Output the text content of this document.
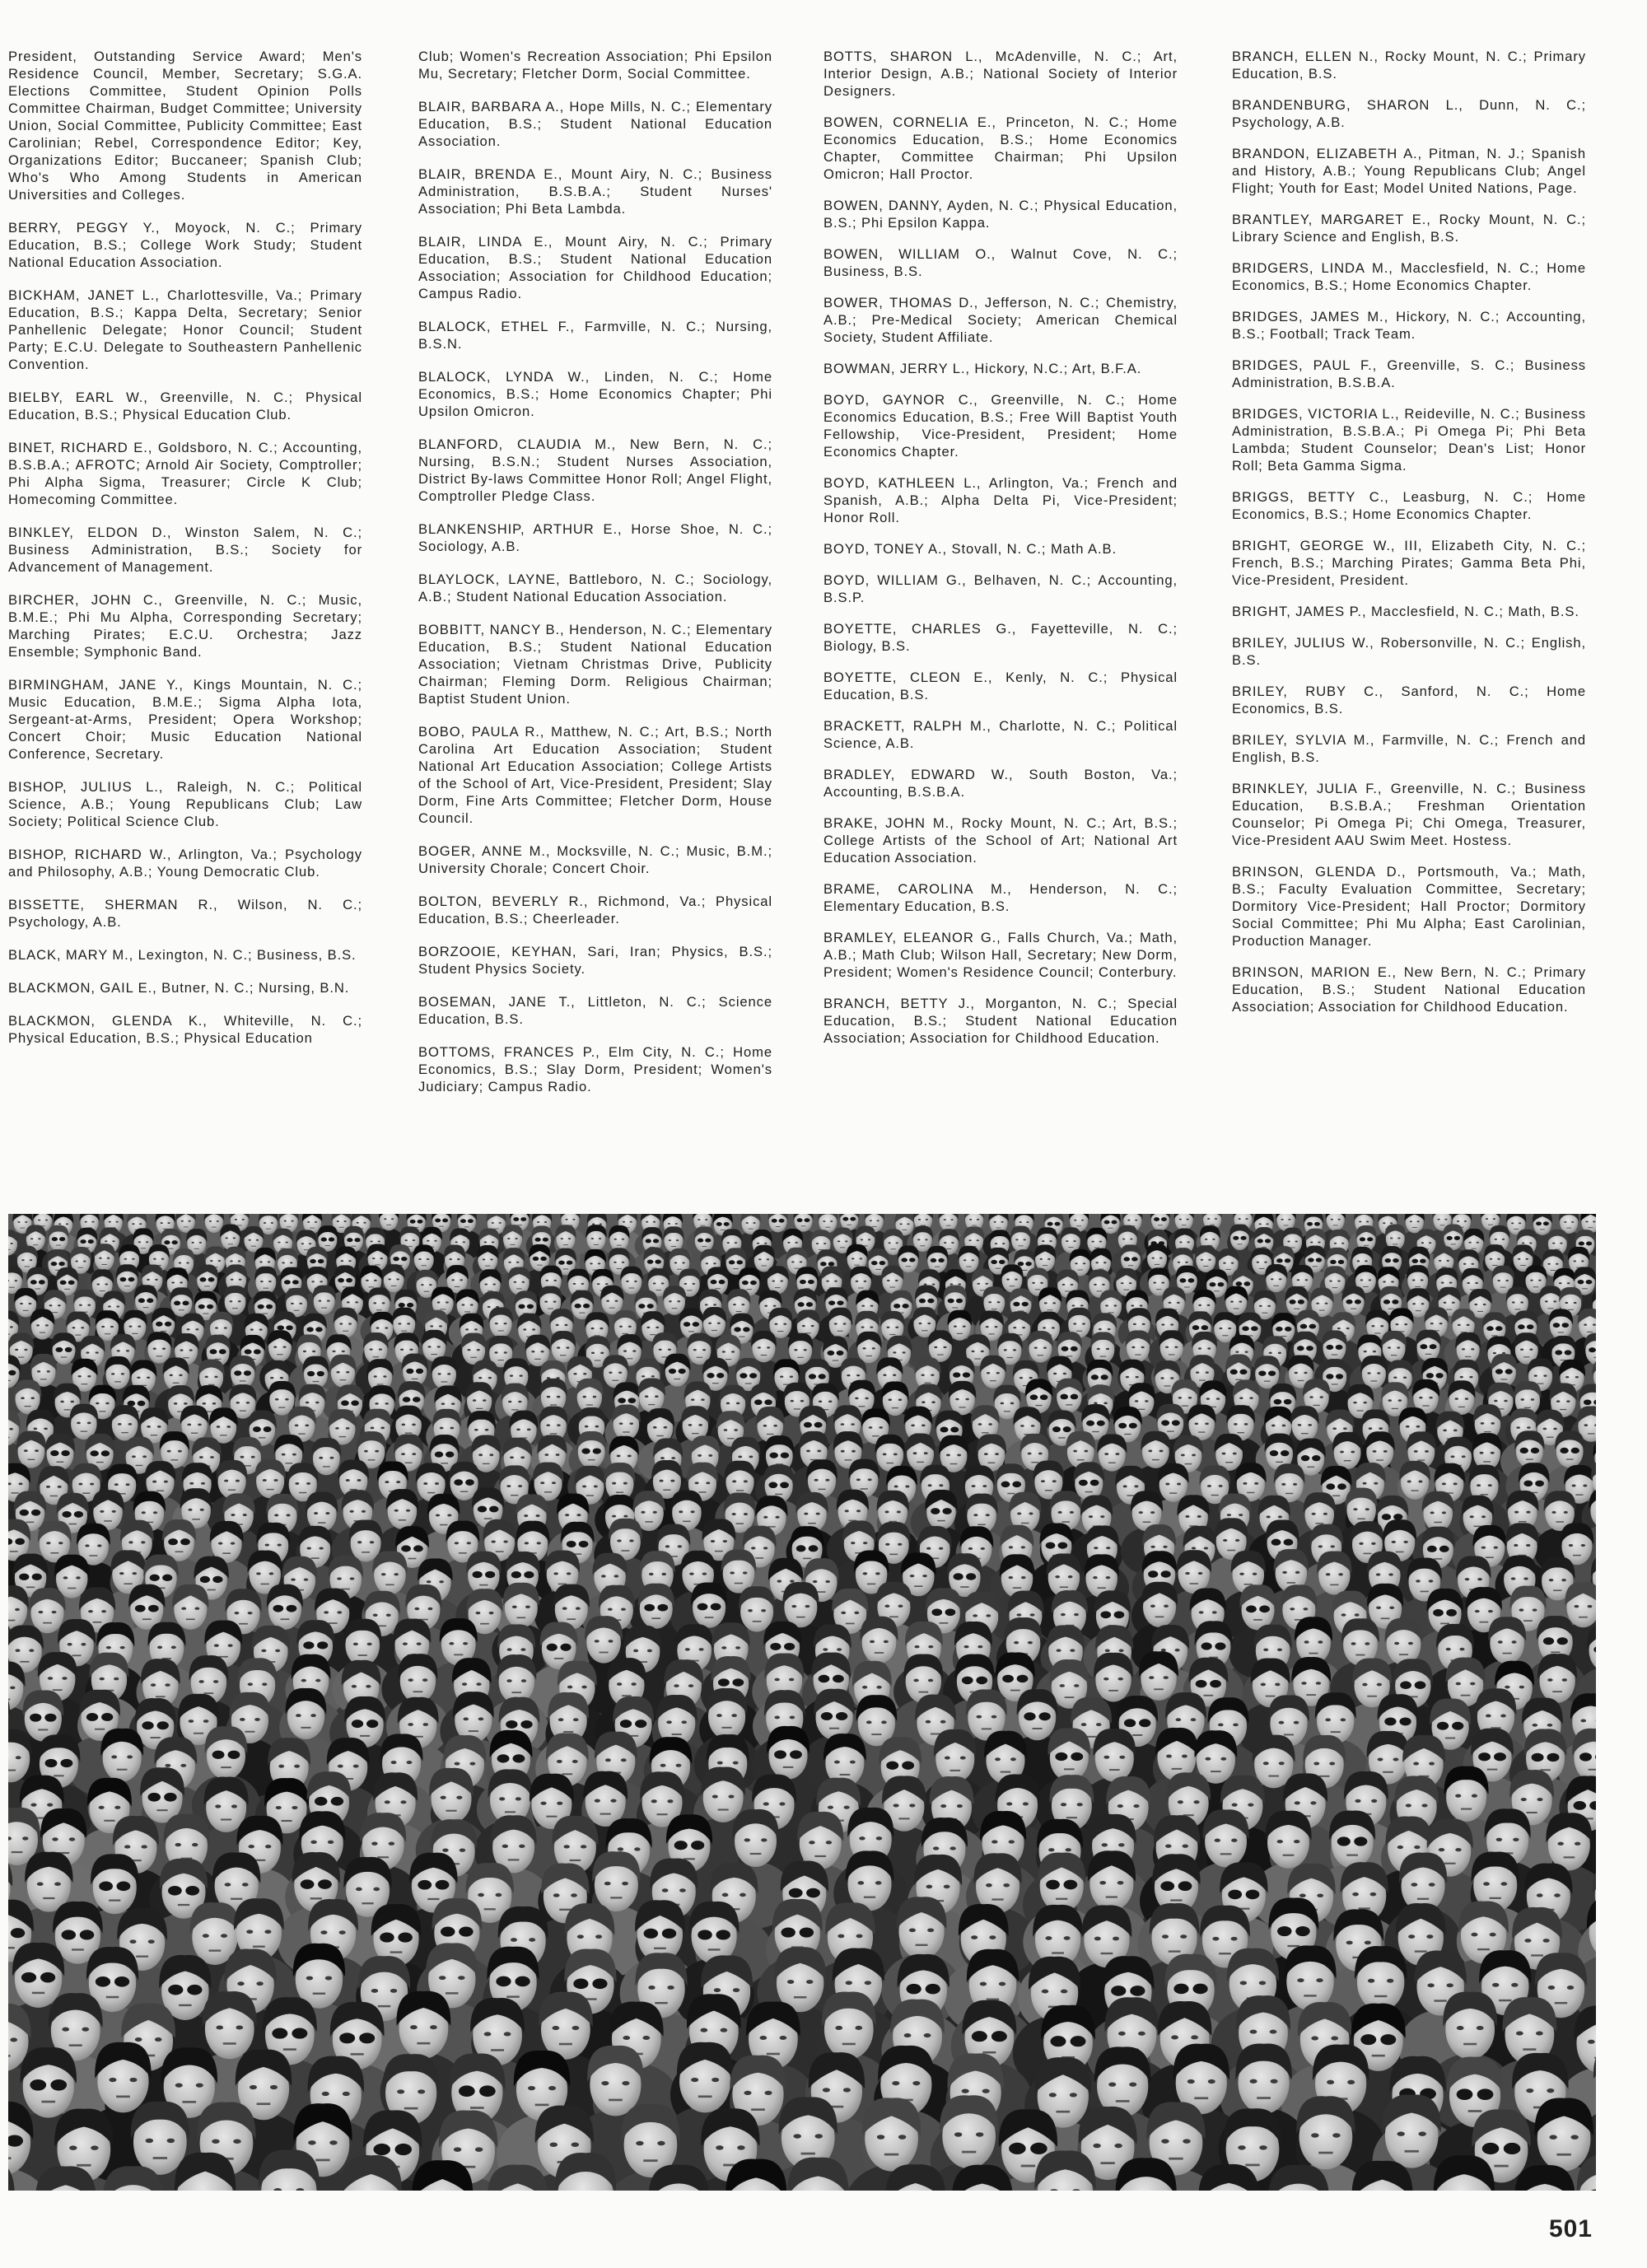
President, Outstanding Service Award; Men's Residence Council, Member, Secretary; S.G.A. Elections Committee, Student Opinion Polls Committee Chairman, Budget Committee; University Union, Social Committee, Publicity Committee; East Carolinian; Rebel, Correspondence Editor; Key, Organizations Editor; Buccaneer; Spanish Club; Who's Who Among Students in American Universities and Colleges.

BERRY, PEGGY Y., Moyock, N. C.; Primary Education, B.S.; College Work Study; Student National Education Association.

BICKHAM, JANET L., Charlottesville, Va.; Primary Education, B.S.; Kappa Delta, Secretary; Senior Panhellenic Delegate; Honor Council; Student Party; E.C.U. Delegate to Southeastern Panhellenic Convention.

BIELBY, EARL W., Greenville, N. C.; Physical Education, B.S.; Physical Education Club.

BINET, RICHARD E., Goldsboro, N. C.; Accounting, B.S.B.A.; AFROTC; Arnold Air Society, Comptroller; Phi Alpha Sigma, Treasurer; Circle K Club; Homecoming Committee.

BINKLEY, ELDON D., Winston Salem, N. C.; Business Administration, B.S.; Society for Advancement of Management.

BIRCHER, JOHN C., Greenville, N. C.; Music, B.M.E.; Phi Mu Alpha, Corresponding Secretary; Marching Pirates; E.C.U. Orchestra; Jazz Ensemble; Symphonic Band.

BIRMINGHAM, JANE Y., Kings Mountain, N. C.; Music Education, B.M.E.; Sigma Alpha Iota, Sergeant-at-Arms, President; Opera Workshop; Concert Choir; Music Education National Conference, Secretary.

BISHOP, JULIUS L., Raleigh, N. C.; Political Science, A.B.; Young Republicans Club; Law Society; Political Science Club.

BISHOP, RICHARD W., Arlington, Va.; Psychology and Philosophy, A.B.; Young Democratic Club.

BISSETTE, SHERMAN R., Wilson, N. C.; Psychology, A.B.

BLACK, MARY M., Lexington, N. C.; Business, B.S.

BLACKMON, GAIL E., Butner, N. C.; Nursing, B.N.

BLACKMON, GLENDA K., Whiteville, N. C.; Physical Education, B.S.; Physical Education

Club; Women's Recreation Association; Phi Epsilon Mu, Secretary; Fletcher Dorm, Social Committee.

BLAIR, BARBARA A., Hope Mills, N. C.; Elementary Education, B.S.; Student National Education Association.

BLAIR, BRENDA E., Mount Airy, N. C.; Business Administration, B.S.B.A.; Student Nurses' Association; Phi Beta Lambda.

BLAIR, LINDA E., Mount Airy, N. C.; Primary Education, B.S.; Student National Education Association; Association for Childhood Education; Campus Radio.

BLALOCK, ETHEL F., Farmville, N. C.; Nursing, B.S.N.

BLALOCK, LYNDA W., Linden, N. C.; Home Economics, B.S.; Home Economics Chapter; Phi Upsilon Omicron.

BLANFORD, CLAUDIA M., New Bern, N. C.; Nursing, B.S.N.; Student Nurses Association, District By-laws Committee Honor Roll; Angel Flight, Comptroller Pledge Class.

BLANKENSHIP, ARTHUR E., Horse Shoe, N. C.; Sociology, A.B.

BLAYLOCK, LAYNE, Battleboro, N. C.; Sociology, A.B.; Student National Education Association.

BOBBITT, NANCY B., Henderson, N. C.; Elementary Education, B.S.; Student National Education Association; Vietnam Christmas Drive, Publicity Chairman; Fleming Dorm. Religious Chairman; Baptist Student Union.

BOBO, PAULA R., Matthew, N. C.; Art, B.S.; North Carolina Art Education Association; Student National Art Education Association; College Artists of the School of Art, Vice-President, President; Slay Dorm, Fine Arts Committee; Fletcher Dorm, House Council.

BOGER, ANNE M., Mocksville, N. C.; Music, B.M.; University Chorale; Concert Choir.

BOLTON, BEVERLY R., Richmond, Va.; Physical Education, B.S.; Cheerleader.

BORZOOIE, KEYHAN, Sari, Iran; Physics, B.S.; Student Physics Society.

BOSEMAN, JANE T., Littleton, N. C.; Science Education, B.S.

BOTTOMS, FRANCES P., Elm City, N. C.; Home Economics, B.S.; Slay Dorm, President; Women's Judiciary; Campus Radio.

BOTTS, SHARON L., McAdenville, N. C.; Art, Interior Design, A.B.; National Society of Interior Designers.

BOWEN, CORNELIA E., Princeton, N. C.; Home Economics Education, B.S.; Home Economics Chapter, Committee Chairman; Phi Upsilon Omicron; Hall Proctor.

BOWEN, DANNY, Ayden, N. C.; Physical Education, B.S.; Phi Epsilon Kappa.

BOWEN, WILLIAM O., Walnut Cove, N. C.; Business, B.S.

BOWER, THOMAS D., Jefferson, N. C.; Chemistry, A.B.; Pre-Medical Society; American Chemical Society, Student Affiliate.

BOWMAN, JERRY L., Hickory, N.C.; Art, B.F.A.

BOYD, GAYNOR C., Greenville, N. C.; Home Economics Education, B.S.; Free Will Baptist Youth Fellowship, Vice-President, President; Home Economics Chapter.

BOYD, KATHLEEN L., Arlington, Va.; French and Spanish, A.B.; Alpha Delta Pi, Vice-President; Honor Roll.

BOYD, TONEY A., Stovall, N. C.; Math A.B.

BOYD, WILLIAM G., Belhaven, N. C.; Accounting, B.S.P.

BOYETTE, CHARLES G., Fayetteville, N. C.; Biology, B.S.

BOYETTE, CLEON E., Kenly, N. C.; Physical Education, B.S.

BRACKETT, RALPH M., Charlotte, N. C.; Political Science, A.B.

BRADLEY, EDWARD W., South Boston, Va.; Accounting, B.S.B.A.

BRAKE, JOHN M., Rocky Mount, N. C.; Art, B.S.; College Artists of the School of Art; National Art Education Association.

BRAME, CAROLINA M., Henderson, N. C.; Elementary Education, B.S.

BRAMLEY, ELEANOR G., Falls Church, Va.; Math, A.B.; Math Club; Wilson Hall, Secretary; New Dorm, President; Women's Residence Council; Conterbury.

BRANCH, BETTY J., Morganton, N. C.; Special Education, B.S.; Student National Education Association; Association for Childhood Education.

BRANCH, ELLEN N., Rocky Mount, N. C.; Primary Education, B.S.

BRANDENBURG, SHARON L., Dunn, N. C.; Psychology, A.B.

BRANDON, ELIZABETH A., Pitman, N. J.; Spanish and History, A.B.; Young Republicans Club; Angel Flight; Youth for East; Model United Nations, Page.

BRANTLEY, MARGARET E., Rocky Mount, N. C.; Library Science and English, B.S.

BRIDGERS, LINDA M., Macclesfield, N. C.; Home Economics, B.S.; Home Economics Chapter.

BRIDGES, JAMES M., Hickory, N. C.; Accounting, B.S.; Football; Track Team.

BRIDGES, PAUL F., Greenville, S. C.; Business Administration, B.S.B.A.

BRIDGES, VICTORIA L., Reideville, N. C.; Business Administration, B.S.B.A.; Pi Omega Pi; Phi Beta Lambda; Student Counselor; Dean's List; Honor Roll; Beta Gamma Sigma.

BRIGGS, BETTY C., Leasburg, N. C.; Home Economics, B.S.; Home Economics Chapter.

BRIGHT, GEORGE W., III, Elizabeth City, N. C.; French, B.S.; Marching Pirates; Gamma Beta Phi, Vice-President, President.

BRIGHT, JAMES P., Macclesfield, N. C.; Math, B.S.

BRILEY, JULIUS W., Robersonville, N. C.; English, B.S.

BRILEY, RUBY C., Sanford, N. C.; Home Economics, B.S.

BRILEY, SYLVIA M., Farmville, N. C.; French and English, B.S.

BRINKLEY, JULIA F., Greenville, N. C.; Business Education, B.S.B.A.; Freshman Orientation Counselor; Pi Omega Pi; Chi Omega, Treasurer, Vice-President AAU Swim Meet. Hostess.

BRINSON, GLENDA D., Portsmouth, Va.; Math, B.S.; Faculty Evaluation Committee, Secretary; Dormitory Vice-President; Hall Proctor; Dormitory Social Committee; Phi Mu Alpha; East Carolinian, Production Manager.

BRINSON, MARION E., New Bern, N. C.; Primary Education, B.S.; Student National Education Association; Association for Childhood Education.

501
